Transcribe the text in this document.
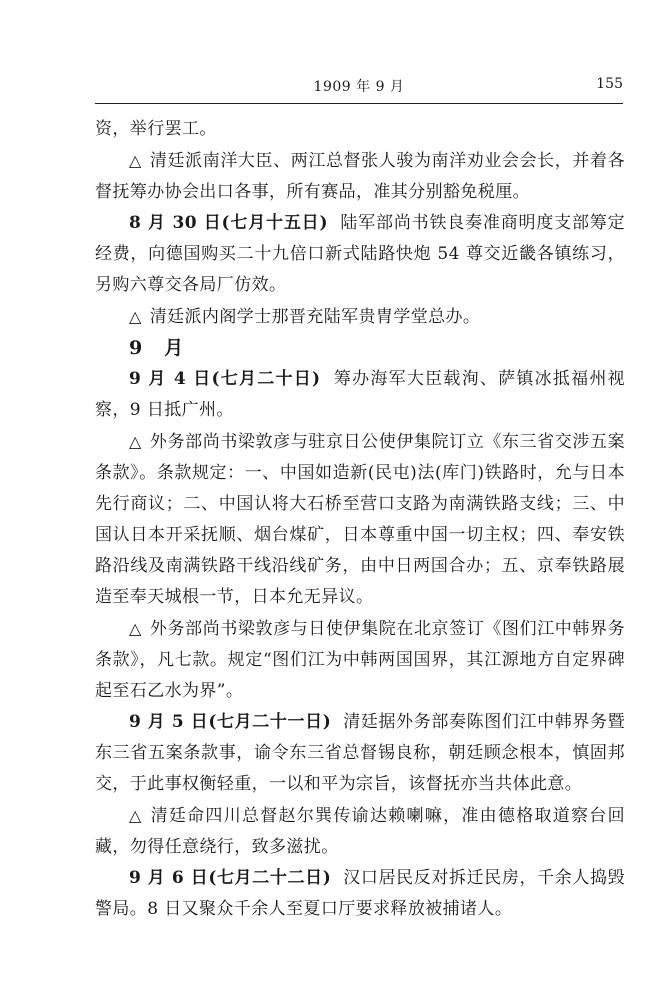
1909 年 9 月	155

资，举行罢工。

△ 清廷派南洋大臣、两江总督张人骏为南洋劝业会会长，并着各督抚筹办协会出口各事，所有赛品，准其分别豁免税厘。

8 月 30 日(七月十五日) 陆军部尚书铁良奏准商明度支部筹定经费，向德国购买二十九倍口新式陆路快炮 54 尊交近畿各镇练习，另购六尊交各局厂仿效。

△ 清廷派内阁学士那晋充陆军贵胄学堂总办。

9 月

9 月 4 日(七月二十日) 筹办海军大臣载洵、萨镇冰抵福州视察，9 日抵广州。

△ 外务部尚书梁敦彦与驻京日公使伊集院订立《东三省交涉五案条款》。条款规定：一、中国如造新(民屯)法(库门)铁路时，允与日本先行商议；二、中国认将大石桥至营口支路为南满铁路支线；三、中国认日本开采抚顺、烟台煤矿，日本尊重中国一切主权；四、奉安铁路沿线及南满铁路干线沿线矿务，由中日两国合办；五、京奉铁路展造至奉天城根一节，日本允无异议。

△ 外务部尚书梁敦彦与日使伊集院在北京签订《图们江中韩界务条款》，凡七款。规定“图们江为中韩两国国界，其江源地方自定界碑起至石乙水为界”。

9 月 5 日(七月二十一日) 清廷据外务部奏陈图们江中韩界务暨东三省五案条款事，谕令东三省总督锡良称，朝廷顾念根本，慎固邦交，于此事权衡轻重，一以和平为宗旨，该督抚亦当共体此意。

△ 清廷命四川总督赵尔巽传谕达赖喇嘛，准由德格取道察台回藏，勿得任意绕行，致多滋扰。

9 月 6 日(七月二十二日) 汉口居民反对拆迁民房，千余人捣毁警局。8 日又聚众千余人至夏口厅要求释放被捕诸人。
